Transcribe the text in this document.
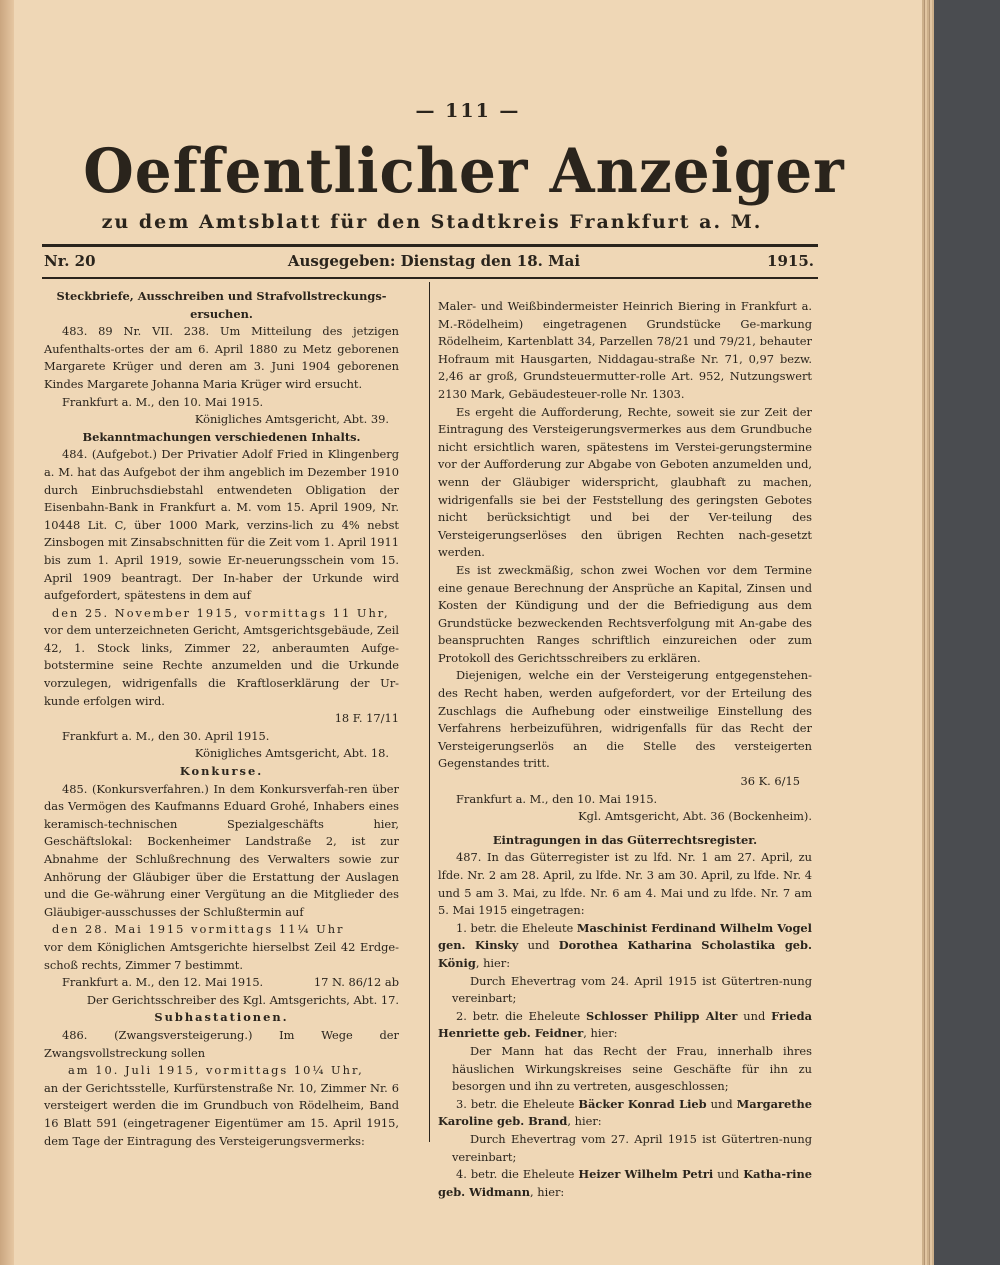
— 111 —
Oeffentlicher Anzeiger
zu dem Amtsblatt für den Stadtkreis Frankfurt a. M.
Nr. 20	Ausgegeben: Dienstag den 18. Mai	1915.

Steckbriefe, Ausschreiben und Strafvollstreckungs-
ersuchen.

483. 89 Nr. VII. 238. Um Mitteilung des jetzigen Aufenthalts-ortes der am 6. April 1880 zu Metz geborenen Margarete Krüger und deren am 3. Juni 1904 geborenen Kindes Margarete Johanna Maria Krüger wird ersucht.

Frankfurt a. M., den 10. Mai 1915.

Königliches Amtsgericht, Abt. 39.

Bekanntmachungen verschiedenen Inhalts.

484. (Aufgebot.) Der Privatier Adolf Fried in Klingenberg a. M. hat das Aufgebot der ihm angeblich im Dezember 1910 durch Einbruchsdiebstahl entwendeten Obligation der Eisenbahn-Bank in Frankfurt a. M. vom 15. April 1909, Nr. 10448 Lit. C, über 1000 Mark, verzins-lich zu 4% nebst Zinsbogen mit Zinsabschnitten für die Zeit vom 1. April 1911 bis zum 1. April 1919, sowie Er-neuerungsschein vom 15. April 1909 beantragt. Der In-haber der Urkunde wird aufgefordert, spätestens in dem auf

den 25. November 1915, vormittags 11 Uhr,

vor dem unterzeichneten Gericht, Amtsgerichtsgebäude, Zeil 42, 1. Stock links, Zimmer 22, anberaumten Aufge-botstermine seine Rechte anzumelden und die Urkunde vorzulegen, widrigenfalls die Kraftloserklärung der Ur-kunde erfolgen wird.

18 F. 17/11

Frankfurt a. M., den 30. April 1915.

Königliches Amtsgericht, Abt. 18.

Konkurse.

485. (Konkursverfahren.) In dem Konkursverfah-ren über das Vermögen des Kaufmanns Eduard Grohé, Inhabers eines keramisch-technischen Spezialgeschäfts hier, Geschäftslokal: Bockenheimer Landstraße 2, ist zur Abnahme der Schlußrechnung des Verwalters sowie zur Anhörung der Gläubiger über die Erstattung der Auslagen und die Ge-währung einer Vergütung an die Mitglieder des Gläubiger-ausschusses der Schlußtermin auf

den 28. Mai 1915 vormittags 11¼ Uhr

vor dem Königlichen Amtsgerichte hierselbst Zeil 42 Erdge-schoß rechts, Zimmer 7 bestimmt.

Frankfurt a. M., den 12. Mai 1915.	17 N. 86/12 ab

Der Gerichtsschreiber des Kgl. Amtsgerichts, Abt. 17.

Subhastationen.

486. (Zwangsversteigerung.) Im Wege der Zwangsvollstreckung sollen

am 10. Juli 1915, vormittags 10¼ Uhr,

an der Gerichtsstelle, Kurfürstenstraße Nr. 10, Zimmer Nr. 6 versteigert werden die im Grundbuch von Rödelheim, Band 16 Blatt 591 (eingetragener Eigentümer am 15. April 1915, dem Tage der Eintragung des Versteigerungsvermerks:

Maler- und Weißbindermeister Heinrich Biering in Frankfurt a. M.-Rödelheim) eingetragenen Grundstücke Ge-markung Rödelheim, Kartenblatt 34, Parzellen 78/21 und 79/21, behauter Hofraum mit Hausgarten, Niddagau-straße Nr. 71, 0,97 bezw. 2,46 ar groß, Grundsteuermutter-rolle Art. 952, Nutzungswert 2130 Mark, Gebäudesteuer-rolle Nr. 1303.

Es ergeht die Aufforderung, Rechte, soweit sie zur Zeit der Eintragung des Versteigerungsvermerkes aus dem Grundbuche nicht ersichtlich waren, spätestens im Verstei-gerungstermine vor der Aufforderung zur Abgabe von Geboten anzumelden und, wenn der Gläubiger widerspricht, glaubhaft zu machen, widrigenfalls sie bei der Feststellung des geringsten Gebotes nicht berücksichtigt und bei der Ver-teilung des Versteigerungserlöses den übrigen Rechten nach-gesetzt werden.

Es ist zweckmäßig, schon zwei Wochen vor dem Termine eine genaue Berechnung der Ansprüche an Kapital, Zinsen und Kosten der Kündigung und der die Befriedigung aus dem Grundstücke bezweckenden Rechtsverfolgung mit An-gabe des beanspruchten Ranges schriftlich einzureichen oder zum Protokoll des Gerichtsschreibers zu erklären.

Diejenigen, welche ein der Versteigerung entgegenstehen-des Recht haben, werden aufgefordert, vor der Erteilung des Zuschlags die Aufhebung oder einstweilige Einstellung des Verfahrens herbeizuführen, widrigenfalls für das Recht der Versteigerungserlös an die Stelle des versteigerten Gegenstandes tritt.

36 K. 6/15

Frankfurt a. M., den 10. Mai 1915.

Kgl. Amtsgericht, Abt. 36 (Bockenheim).

Eintragungen in das Güterrechtsregister.

487. In das Güterregister ist zu lfd. Nr. 1 am 27. April, zu lfde. Nr. 2 am 28. April, zu lfde. Nr. 3 am 30. April, zu lfde. Nr. 4 und 5 am 3. Mai, zu lfde. Nr. 6 am 4. Mai und zu lfde. Nr. 7 am 5. Mai 1915 eingetragen:

1. betr. die Eheleute Maschinist Ferdinand Wilhelm Vogel gen. Kinsky und Dorothea Katharina Scholastika geb. König, hier:

Durch Ehevertrag vom 24. April 1915 ist Gütertren-nung vereinbart;

2. betr. die Eheleute Schlosser Philipp Alter und Frieda Henriette geb. Feidner, hier:

Der Mann hat das Recht der Frau, innerhalb ihres häuslichen Wirkungskreises seine Geschäfte für ihn zu besorgen und ihn zu vertreten, ausgeschlossen;

3. betr. die Eheleute Bäcker Konrad Lieb und Margarethe Karoline geb. Brand, hier:

Durch Ehevertrag vom 27. April 1915 ist Gütertren-nung vereinbart;

4. betr. die Eheleute Heizer Wilhelm Petri und Katha-rine geb. Widmann, hier:
